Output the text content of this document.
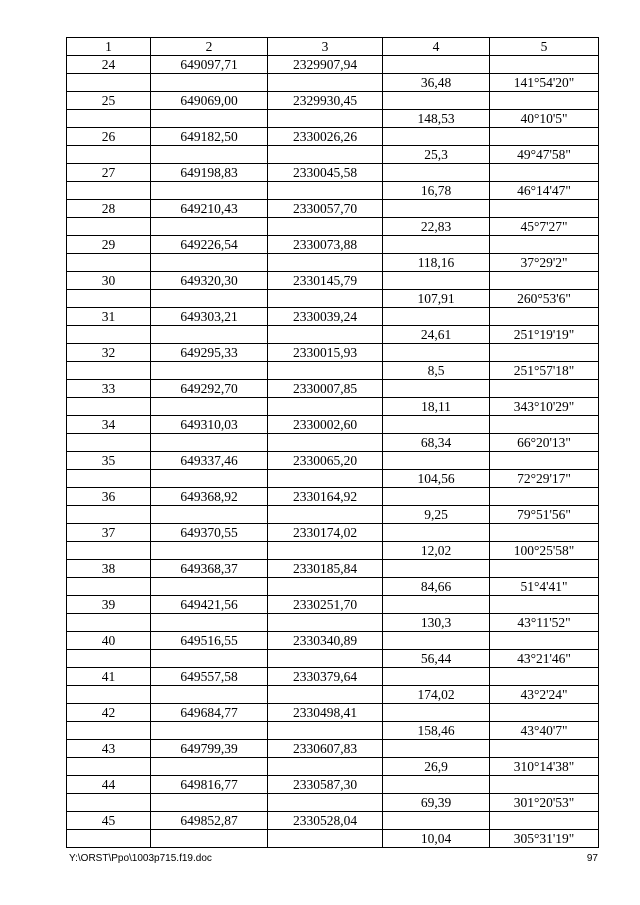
1	2	3	4	5
24	649097,71	2329907,94		
			36,48	141°54'20"
25	649069,00	2329930,45		
			148,53	40°10'5"
26	649182,50	2330026,26		
			25,3	49°47'58"
27	649198,83	2330045,58		
			16,78	46°14'47"
28	649210,43	2330057,70		
			22,83	45°7'27"
29	649226,54	2330073,88		
			118,16	37°29'2"
30	649320,30	2330145,79		
			107,91	260°53'6"
31	649303,21	2330039,24		
			24,61	251°19'19"
32	649295,33	2330015,93		
			8,5	251°57'18"
33	649292,70	2330007,85		
			18,11	343°10'29"
34	649310,03	2330002,60		
			68,34	66°20'13"
35	649337,46	2330065,20		
			104,56	72°29'17"
36	649368,92	2330164,92		
			9,25	79°51'56"
37	649370,55	2330174,02		
			12,02	100°25'58"
38	649368,37	2330185,84		
			84,66	51°4'41"
39	649421,56	2330251,70		
			130,3	43°11'52"
40	649516,55	2330340,89		
			56,44	43°21'46"
41	649557,58	2330379,64		
			174,02	43°2'24"
42	649684,77	2330498,41		
			158,46	43°40'7"
43	649799,39	2330607,83		
			26,9	310°14'38"
44	649816,77	2330587,30		
			69,39	301°20'53"
45	649852,87	2330528,04		
			10,04	305°31'19"
Y:\ORST\Ppo\1003p715.f19.doc	97
